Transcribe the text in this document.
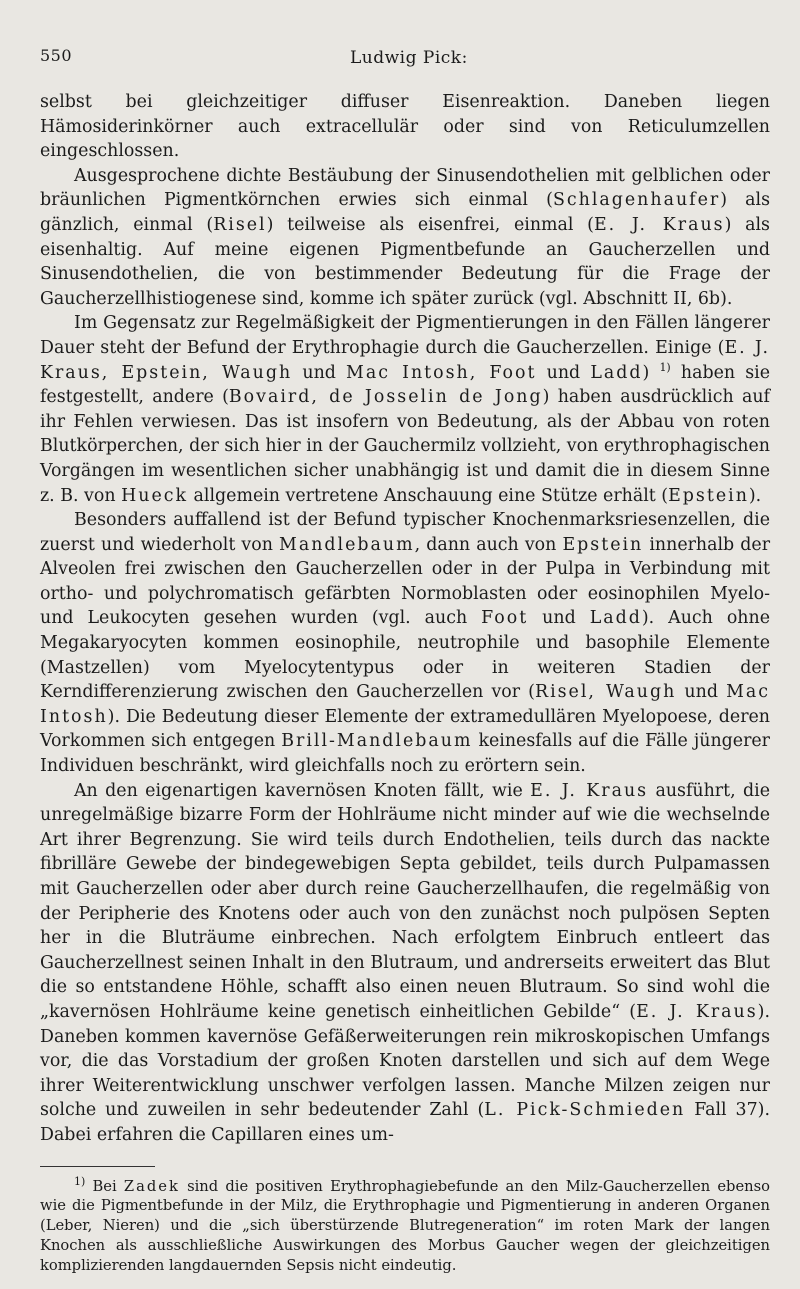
550	Ludwig Pick:

selbst bei gleichzeitiger diffuser Eisenreaktion. Daneben liegen Hämosiderinkörner auch extracellulär oder sind von Reticulumzellen eingeschlossen.

Ausgesprochene dichte Bestäubung der Sinusendothelien mit gelblichen oder bräunlichen Pigmentkörnchen erwies sich einmal (Schlagenhaufer) als gänzlich, einmal (Risel) teilweise als eisenfrei, einmal (E. J. Kraus) als eisenhaltig. Auf meine eigenen Pigmentbefunde an Gaucherzellen und Sinusendothelien, die von bestimmender Bedeutung für die Frage der Gaucherzellhistiogenese sind, komme ich später zurück (vgl. Abschnitt II, 6b).

Im Gegensatz zur Regelmäßigkeit der Pigmentierungen in den Fällen längerer Dauer steht der Befund der Erythrophagie durch die Gaucherzellen. Einige (E. J. Kraus, Epstein, Waugh und Mac Intosh, Foot und Ladd) $^{1)}$ haben sie festgestellt, andere (Bovaird, de Josselin de Jong) haben ausdrücklich auf ihr Fehlen verwiesen. Das ist insofern von Bedeutung, als der Abbau von roten Blutkörperchen, der sich hier in der Gauchermilz vollzieht, von erythrophagischen Vorgängen im wesentlichen sicher unabhängig ist und damit die in diesem Sinne z. B. von Hueck allgemein vertretene Anschauung eine Stütze erhält (Epstein).

Besonders auffallend ist der Befund typischer Knochenmarksriesenzellen, die zuerst und wiederholt von Mandlebaum, dann auch von Epstein innerhalb der Alveolen frei zwischen den Gaucherzellen oder in der Pulpa in Verbindung mit ortho- und polychromatisch gefärbten Normoblasten oder eosinophilen Myelo- und Leukocyten gesehen wurden (vgl. auch Foot und Ladd). Auch ohne Megakaryocyten kommen eosinophile, neutrophile und basophile Elemente (Mastzellen) vom Myelocytentypus oder in weiteren Stadien der Kerndifferenzierung zwischen den Gaucherzellen vor (Risel, Waugh und Mac Intosh). Die Bedeutung dieser Elemente der extramedullären Myelopoese, deren Vorkommen sich entgegen Brill-Mandlebaum keinesfalls auf die Fälle jüngerer Individuen beschränkt, wird gleichfalls noch zu erörtern sein.

An den eigenartigen kavernösen Knoten fällt, wie E. J. Kraus ausführt, die unregelmäßige bizarre Form der Hohlräume nicht minder auf wie die wechselnde Art ihrer Begrenzung. Sie wird teils durch Endothelien, teils durch das nackte fibrilläre Gewebe der bindegewebigen Septa gebildet, teils durch Pulpamassen mit Gaucherzellen oder aber durch reine Gaucherzellhaufen, die regelmäßig von der Peripherie des Knotens oder auch von den zunächst noch pulpösen Septen her in die Bluträume einbrechen. Nach erfolgtem Einbruch entleert das Gaucherzellnest seinen Inhalt in den Blutraum, und andrerseits erweitert das Blut die so entstandene Höhle, schafft also einen neuen Blutraum. So sind wohl die „kavernösen Hohlräume keine genetisch einheitlichen Gebilde“ (E. J. Kraus). Daneben kommen kavernöse Gefäßerweiterungen rein mikroskopischen Umfangs vor, die das Vorstadium der großen Knoten darstellen und sich auf dem Wege ihrer Weiterentwicklung unschwer verfolgen lassen. Manche Milzen zeigen nur solche und zuweilen in sehr bedeutender Zahl (L. Pick-Schmieden Fall 37). Dabei erfahren die Capillaren eines um-

$^{1)}$ Bei Zadek sind die positiven Erythrophagiebefunde an den Milz-Gaucherzellen ebenso wie die Pigmentbefunde in der Milz, die Erythrophagie und Pigmentierung in anderen Organen (Leber, Nieren) und die „sich überstürzende Blutregeneration“ im roten Mark der langen Knochen als ausschließliche Auswirkungen des Morbus Gaucher wegen der gleichzeitigen komplizierenden langdauernden Sepsis nicht eindeutig.
